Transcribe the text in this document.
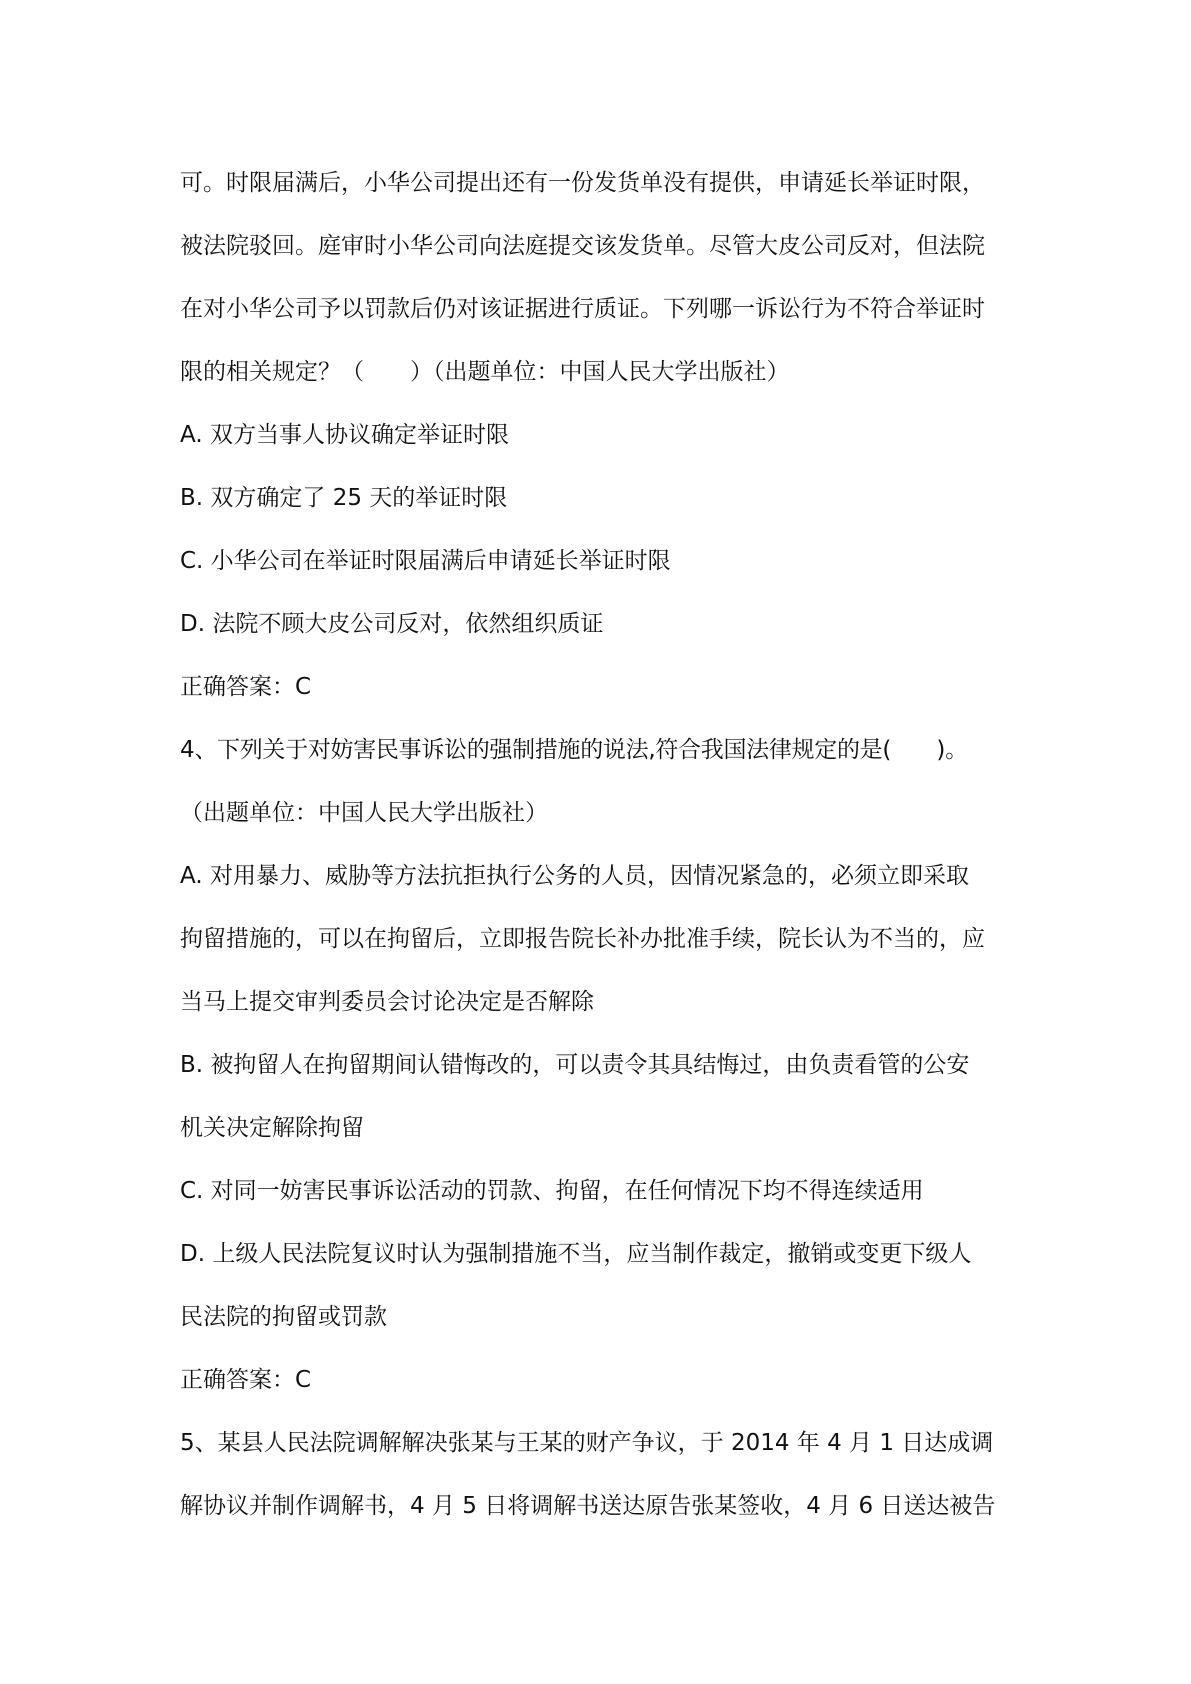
可。时限届满后，小华公司提出还有一份发货单没有提供，申请延长举证时限，
被法院驳回。庭审时小华公司向法庭提交该发货单。尽管大皮公司反对，但法院
在对小华公司予以罚款后仍对该证据进行质证。下列哪一诉讼行为不符合举证时
限的相关规定？（　　）（出题单位：中国人民大学出版社）
A. 双方当事人协议确定举证时限
B. 双方确定了 25 天的举证时限
C. 小华公司在举证时限届满后申请延长举证时限
D. 法院不顾大皮公司反对，依然组织质证
正确答案：C
4、下列关于对妨害民事诉讼的强制措施的说法,符合我国法律规定的是(　　)。
（出题单位：中国人民大学出版社）
A. 对用暴力、威胁等方法抗拒执行公务的人员，因情况紧急的，必须立即采取
拘留措施的，可以在拘留后，立即报告院长补办批准手续，院长认为不当的，应
当马上提交审判委员会讨论决定是否解除
B. 被拘留人在拘留期间认错悔改的，可以责令其具结悔过，由负责看管的公安
机关决定解除拘留
C. 对同一妨害民事诉讼活动的罚款、拘留，在任何情况下均不得连续适用
D. 上级人民法院复议时认为强制措施不当，应当制作裁定，撤销或变更下级人
民法院的拘留或罚款
正确答案：C
5、某县人民法院调解解决张某与王某的财产争议，于 2014 年 4 月 1 日达成调
解协议并制作调解书，4 月 5 日将调解书送达原告张某签收，4 月 6 日送达被告
